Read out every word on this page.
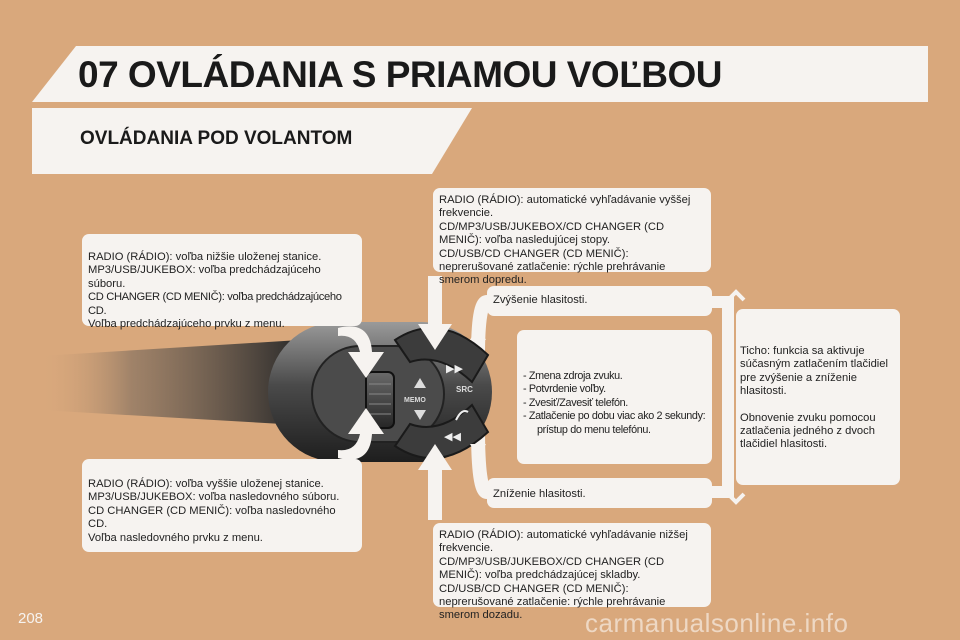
07 OVLÁDANIA S PRIAMOU VOĽBOU
OVLÁDANIA POD VOLANTOM
MEMO
▶▶
◀◀
SRC

RADIO (RÁDIO): voľba nižšie uloženej stanice.

MP3/USB/JUKEBOX: voľba predchádzajúceho súboru.

CD CHANGER (CD MENIČ): voľba predchádzajúceho CD.

Voľba predchádzajúceho prvku z menu.

RADIO (RÁDIO): voľba vyššie uloženej stanice.

MP3/USB/JUKEBOX: voľba nasledovného súboru.

CD CHANGER (CD MENIČ): voľba nasledovného CD.

Voľba nasledovného prvku z menu.

RADIO (RÁDIO): automatické vyhľadávanie vyššej frekvencie.

CD/MP3/USB/JUKEBOX/CD CHANGER (CD MENIČ): voľba nasledujúcej stopy.

CD/USB/CD CHANGER (CD MENIČ): neprerušované zatlačenie: rýchle prehrávanie smerom dopredu.

Zvýšenie hlasitosti.

- Zmena zdroja zvuku.
- Potvrdenie voľby.
- Zvesiť/Zavesiť telefón.
- Zatlačenie po dobu viac ako 2 sekundy: prístup do menu telefónu.

Zníženie hlasitosti.

RADIO (RÁDIO): automatické vyhľadávanie nižšej frekvencie.

CD/MP3/USB/JUKEBOX/CD CHANGER (CD MENIČ): voľba predchádzajúcej skladby.

CD/USB/CD CHANGER (CD MENIČ): neprerušované zatlačenie: rýchle prehrávanie smerom dozadu.

Ticho: funkcia sa aktivuje súčasným zatlačením tlačidiel pre zvýšenie a zníženie hlasitosti.

Obnovenie zvuku pomocou zatlačenia jedného z dvoch tlačidiel hlasitosti.

208	carmanualsonline.info
